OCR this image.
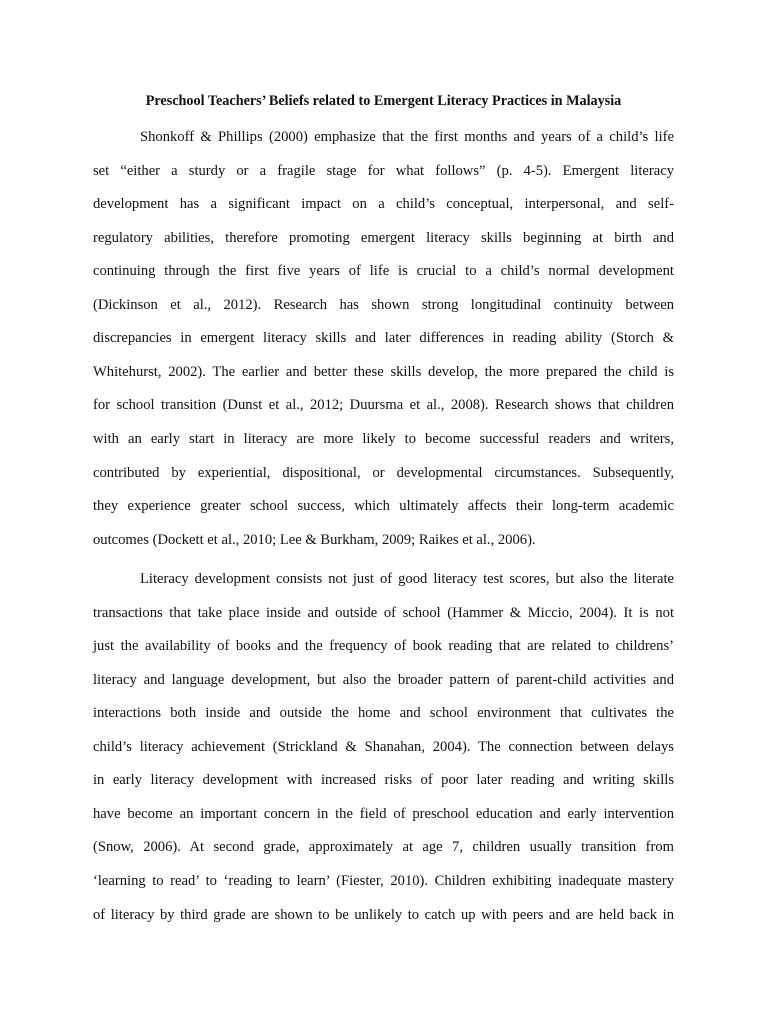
Preschool Teachers’ Beliefs related to Emergent Literacy Practices in Malaysia

Shonkoff & Phillips (2000) emphasize that the first months and years of a child’s life

set “either a sturdy or a fragile stage for what follows” (p. 4-5). Emergent literacy

development has a significant impact on a child’s conceptual, interpersonal, and self-

regulatory abilities, therefore promoting emergent literacy skills beginning at birth and

continuing through the first five years of life is crucial to a child’s normal development

(Dickinson et al., 2012). Research has shown strong longitudinal continuity between

discrepancies in emergent literacy skills and later differences in reading ability (Storch &

Whitehurst, 2002). The earlier and better these skills develop, the more prepared the child is

for school transition (Dunst et al., 2012; Duursma et al., 2008). Research shows that children

with an early start in literacy are more likely to become successful readers and writers,

contributed by experiential, dispositional, or developmental circumstances. Subsequently,

they experience greater school success, which ultimately affects their long-term academic

outcomes (Dockett et al., 2010; Lee & Burkham, 2009; Raikes et al., 2006).

Literacy development consists not just of good literacy test scores, but also the literate

transactions that take place inside and outside of school (Hammer & Miccio, 2004). It is not

just the availability of books and the frequency of book reading that are related to childrens’

literacy and language development, but also the broader pattern of parent-child activities and

interactions both inside and outside the home and school environment that cultivates the

child’s literacy achievement (Strickland & Shanahan, 2004). The connection between delays

in early literacy development with increased risks of poor later reading and writing skills

have become an important concern in the field of preschool education and early intervention

(Snow, 2006). At second grade, approximately at age 7, children usually transition from

‘learning to read’ to ‘reading to learn’ (Fiester, 2010). Children exhibiting inadequate mastery

of literacy by third grade are shown to be unlikely to catch up with peers and are held back in
